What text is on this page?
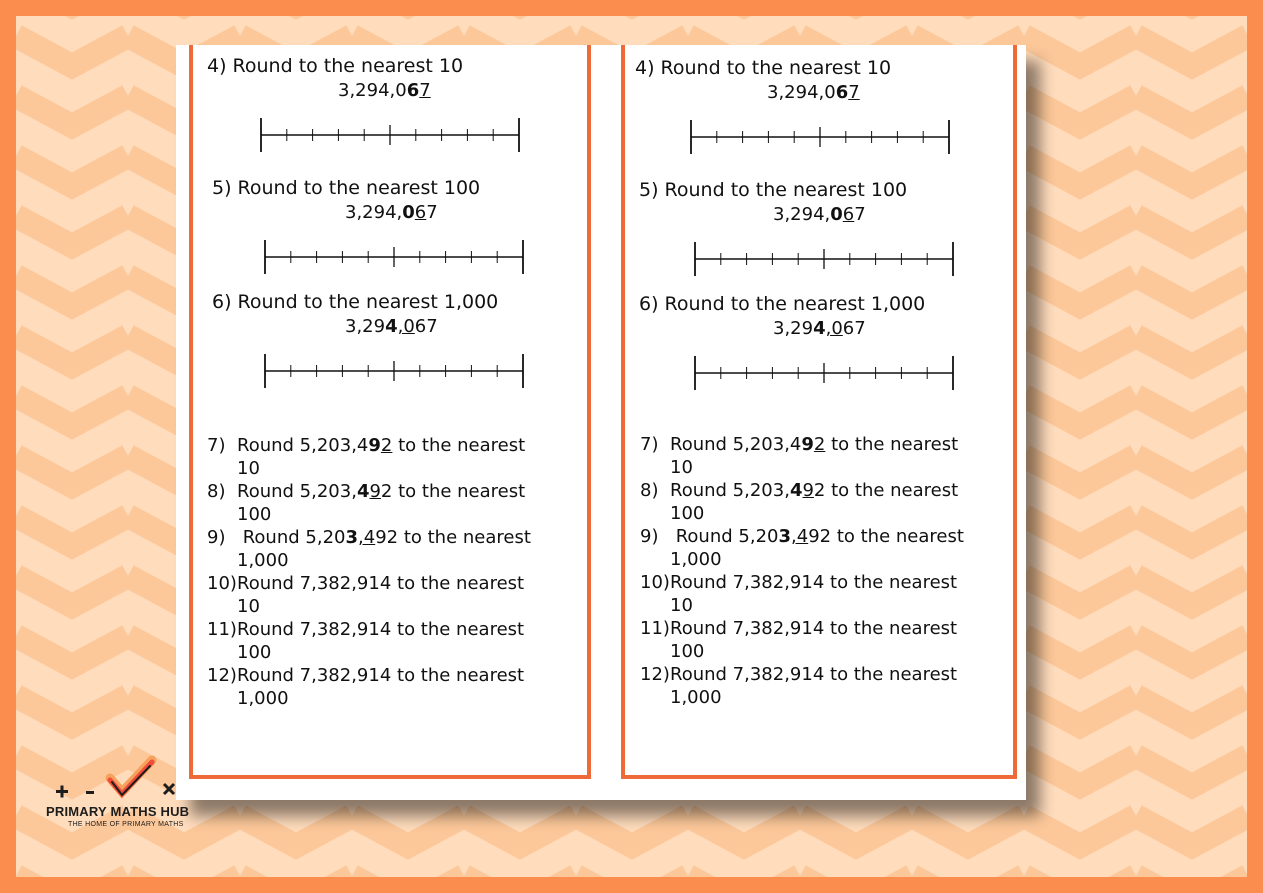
4) Round to the nearest 10
3,294,067
5) Round to the nearest 100
3,294,067
6) Round to the nearest 1,000
3,294,067
7) Round 5,203,492 to the nearest
10
8) Round 5,203,492 to the nearest
100
9) Round 5,203,492 to the nearest
1,000
10) Round 7,382,914 to the nearest
10
11) Round 7,382,914 to the nearest
100
12) Round 7,382,914 to the nearest
1,000
4) Round to the nearest 10
3,294,067
5) Round to the nearest 100
3,294,067
6) Round to the nearest 1,000
3,294,067
7) Round 5,203,492 to the nearest
10
8) Round 5,203,492 to the nearest
100
9) Round 5,203,492 to the nearest
1,000
10) Round 7,382,914 to the nearest
10
11) Round 7,382,914 to the nearest
100
12) Round 7,382,914 to the nearest
1,000
PRIMARY MATHS HUB
THE HOME OF PRIMARY MATHS
